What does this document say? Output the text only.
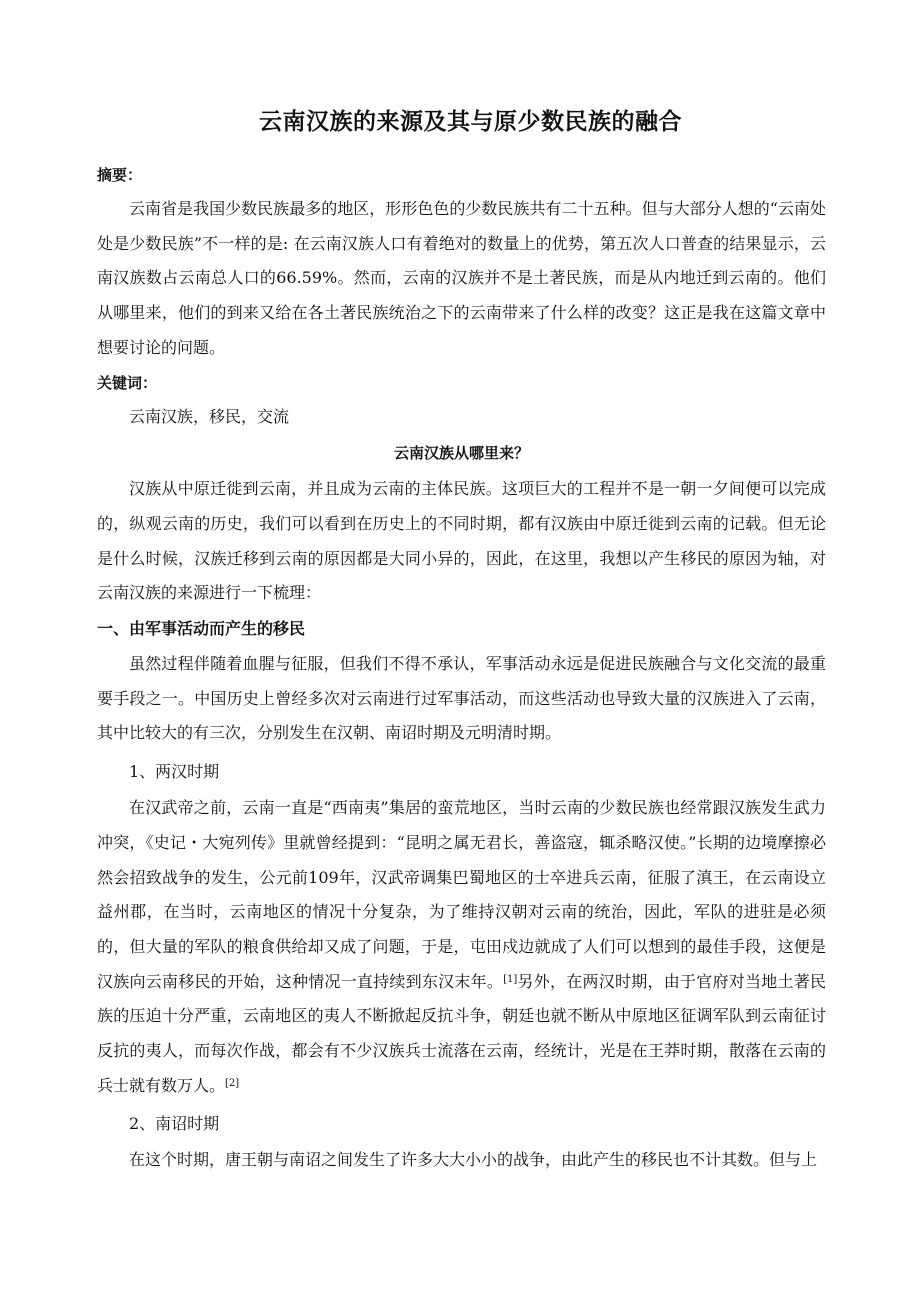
云南汉族的来源及其与原少数民族的融合

摘要：

云南省是我国少数民族最多的地区，形形色色的少数民族共有二十五种。但与大部分人想的“云南处处是少数民族”不一样的是: 在云南汉族人口有着绝对的数量上的优势，第五次人口普查的结果显示，云南汉族数占云南总人口的66.59%。然而，云南的汉族并不是土著民族，而是从内地迁到云南的。他们从哪里来，他们的到来又给在各土著民族统治之下的云南带来了什么样的改变？这正是我在这篇文章中想要讨论的问题。

关键词：

云南汉族，移民，交流

云南汉族从哪里来？

汉族从中原迁徙到云南，并且成为云南的主体民族。这项巨大的工程并不是一朝一夕间便可以完成的，纵观云南的历史，我们可以看到在历史上的不同时期，都有汉族由中原迁徙到云南的记载。但无论是什么时候，汉族迁移到云南的原因都是大同小异的，因此，在这里，我想以产生移民的原因为轴，对云南汉族的来源进行一下梳理：

一、由军事活动而产生的移民

虽然过程伴随着血腥与征服，但我们不得不承认，军事活动永远是促进民族融合与文化交流的最重要手段之一。中国历史上曾经多次对云南进行过军事活动，而这些活动也导致大量的汉族进入了云南，其中比较大的有三次，分别发生在汉朝、南诏时期及元明清时期。

1、两汉时期

在汉武帝之前，云南一直是“西南夷”集居的蛮荒地区，当时云南的少数民族也经常跟汉族发生武力冲突，《史记・大宛列传》里就曾经提到：“昆明之属无君长，善盗寇，辄杀略汉使。”长期的边境摩擦必然会招致战争的发生，公元前109年，汉武帝调集巴蜀地区的士卒进兵云南，征服了滇王，在云南设立益州郡，在当时，云南地区的情况十分复杂，为了维持汉朝对云南的统治，因此，军队的进驻是必须的，但大量的军队的粮食供给却又成了问题，于是，屯田戍边就成了人们可以想到的最佳手段，这便是汉族向云南移民的开始，这种情况一直持续到东汉末年。[1]另外，在两汉时期，由于官府对当地土著民族的压迫十分严重，云南地区的夷人不断掀起反抗斗争，朝廷也就不断从中原地区征调军队到云南征讨反抗的夷人，而每次作战，都会有不少汉族兵士流落在云南，经统计，光是在王莽时期，散落在云南的兵士就有数万人。[2]

2、南诏时期

在这个时期，唐王朝与南诏之间发生了许多大大小小的战争，由此产生的移民也不计其数。但与上
